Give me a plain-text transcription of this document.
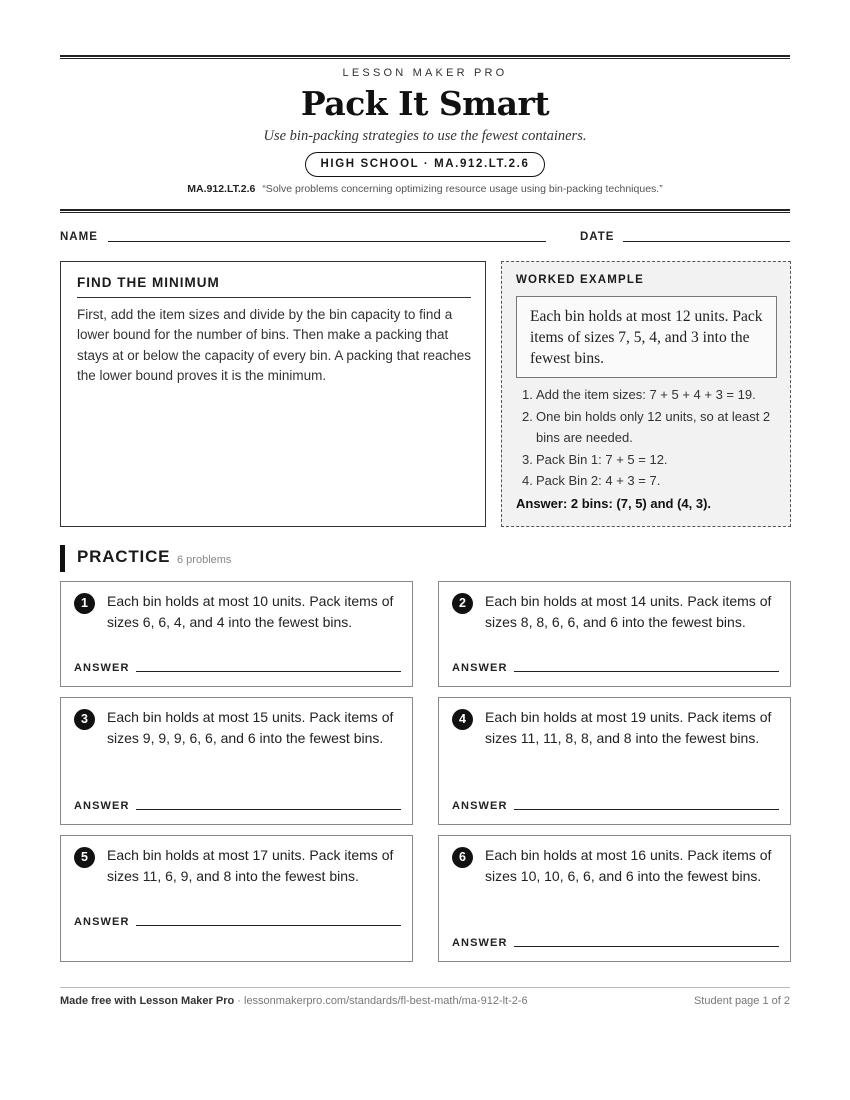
LESSON MAKER PRO
Pack It Smart
Use bin-packing strategies to use the fewest containers.
HIGH SCHOOL · MA.912.LT.2.6
MA.912.LT.2.6 “Solve problems concerning optimizing resource usage using bin-packing techniques.”
NAME	DATE
FIND THE MINIMUM
First, add the item sizes and divide by the bin capacity to find a lower bound for the number of bins. Then make a packing that stays at or below the capacity of every bin. A packing that reaches the lower bound proves it is the minimum.
WORKED EXAMPLE
Each bin holds at most 12 units. Pack items of sizes 7, 5, 4, and 3 into the fewest bins.
1. Add the item sizes: 7 + 5 + 4 + 3 = 19.
2. One bin holds only 12 units, so at least 2 bins are needed.
3. Pack Bin 1: 7 + 5 = 12.
4. Pack Bin 2: 4 + 3 = 7.
Answer: 2 bins: (7, 5) and (4, 3).
PRACTICE 6 problems
1	Each bin holds at most 10 units. Pack items of sizes 6, 6, 4, and 4 into the fewest bins.
ANSWER
2	Each bin holds at most 14 units. Pack items of sizes 8, 8, 6, 6, and 6 into the fewest bins.
ANSWER
3	Each bin holds at most 15 units. Pack items of sizes 9, 9, 9, 6, 6, and 6 into the fewest bins.
ANSWER
4	Each bin holds at most 19 units. Pack items of sizes 11, 11, 8, 8, and 8 into the fewest bins.
ANSWER
5	Each bin holds at most 17 units. Pack items of sizes 11, 6, 9, and 8 into the fewest bins.
ANSWER
6	Each bin holds at most 16 units. Pack items of sizes 10, 10, 6, 6, and 6 into the fewest bins.
ANSWER
Made free with Lesson Maker Pro · lessonmakerpro.com/standards/fl-best-math/ma-912-lt-2-6	Student page 1 of 2
